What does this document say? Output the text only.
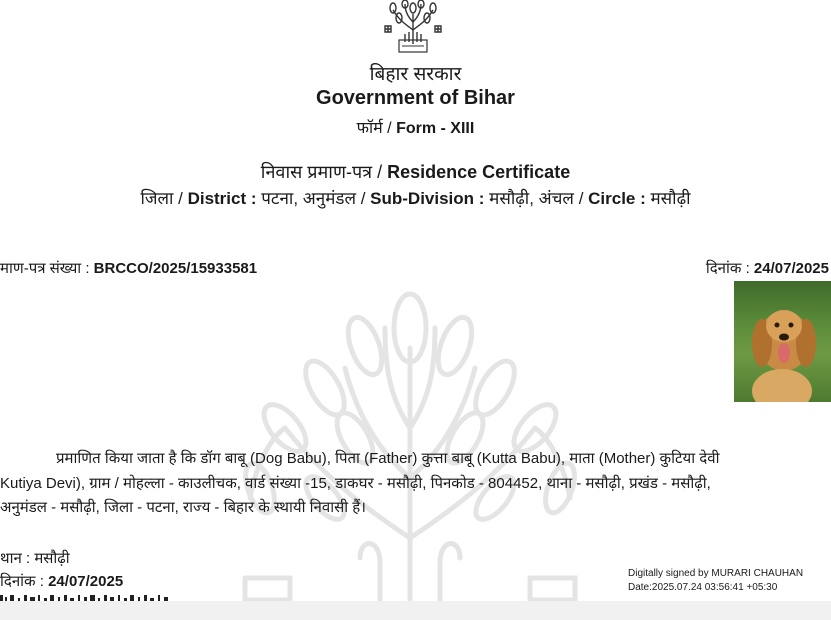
बिहार सरकार
Government of Bihar
फॉर्म / Form - XIII
निवास प्रमाण-पत्र / Residence Certificate
जिला / District : पटना, अनुमंडल / Sub-Division : मसौढ़ी, अंचल / Circle : मसौढ़ी
माण-पत्र संख्या : BRCCO/2025/15933581	दिनांक : 24/07/2025
प्रमाणित किया जाता है कि डॉग बाबू (Dog Babu), पिता (Father) कुत्ता बाबू (Kutta Babu), माता (Mother) कुटिया देवी
Kutiya Devi), ग्राम / मोहल्ला - काउलीचक, वार्ड संख्या -15, डाकघर - मसौढ़ी, पिनकोड - 804452, थाना - मसौढ़ी, प्रखंड - मसौढ़ी,
अनुमंडल - मसौढ़ी, जिला - पटना, राज्य - बिहार के स्थायी निवासी हैं।
थान : मसौढ़ी
दिनांक : 24/07/2025	Digitally signed by MURARI CHAUHAN
Date:2025.07.24 03:56:41 +05:30
